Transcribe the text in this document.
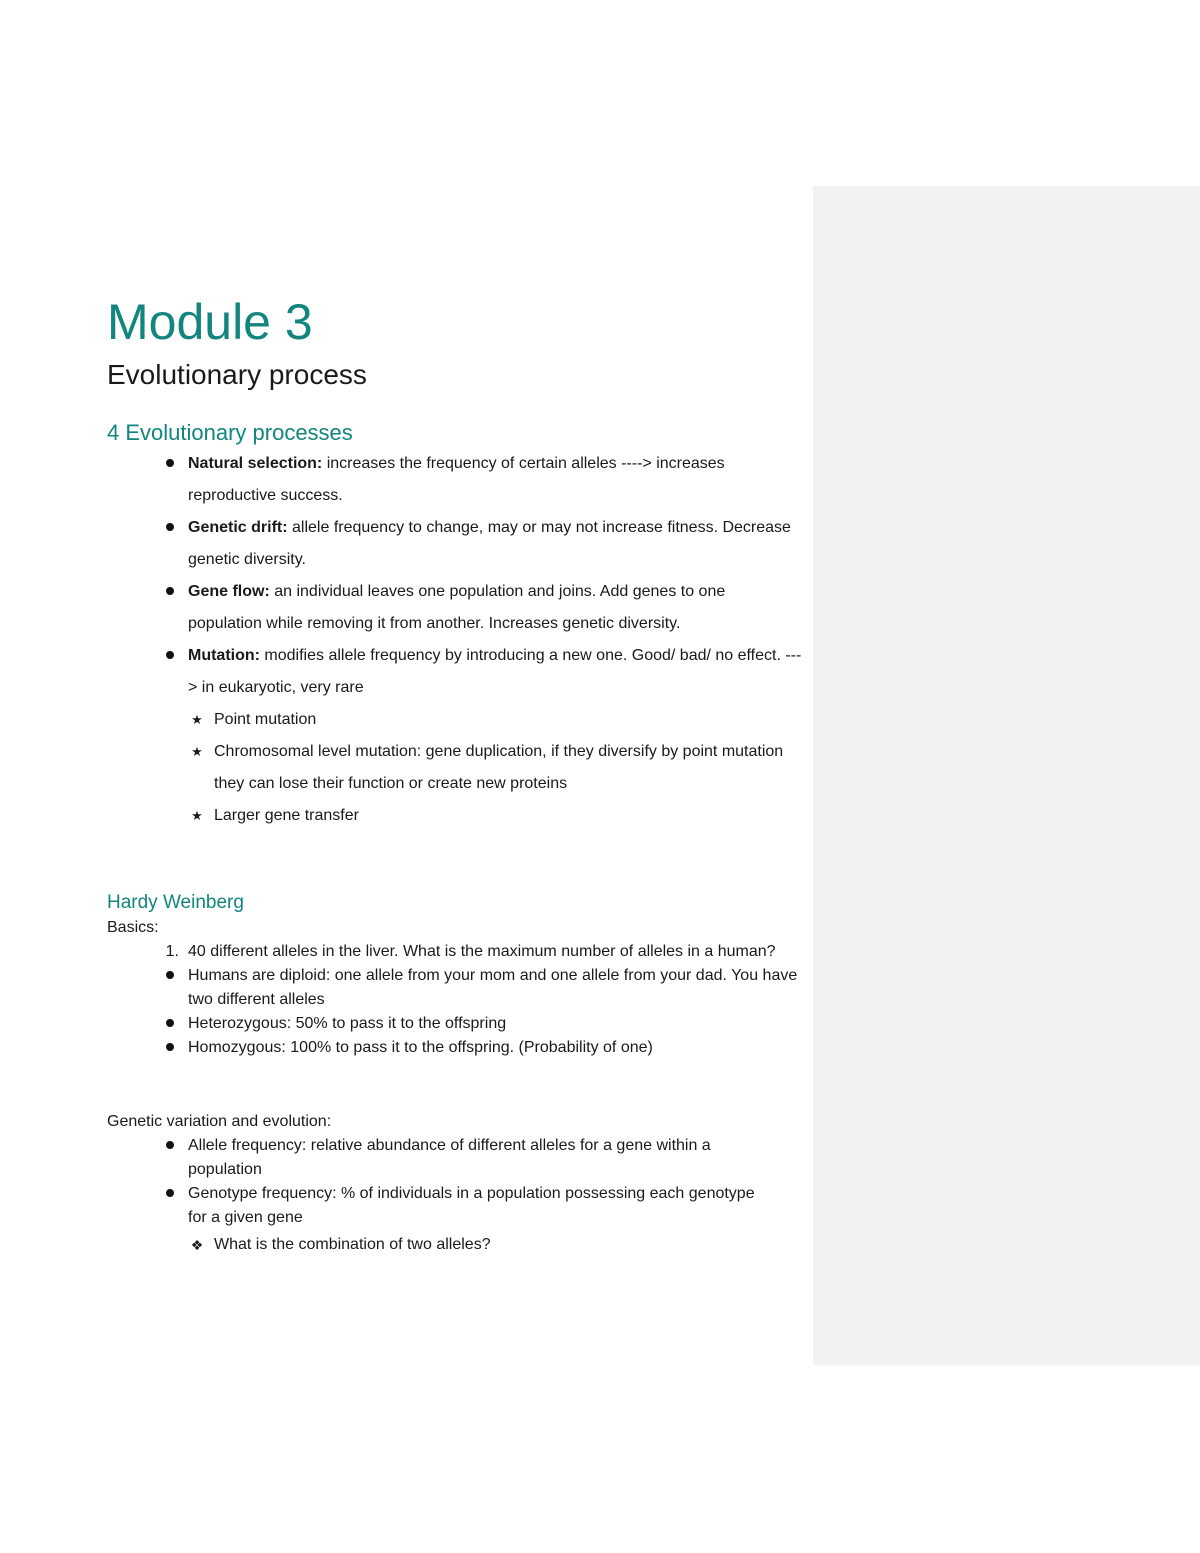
Module 3
Evolutionary process
4 Evolutionary processes
Natural selection: increases the frequency of certain alleles ----> increases reproductive success.
Genetic drift: allele frequency to change, may or may not increase fitness. Decrease genetic diversity.
Gene flow: an individual leaves one population and joins. Add genes to one population while removing it from another. Increases genetic diversity.
Mutation: modifies allele frequency by introducing a new one. Good/ bad/ no effect. ---> in eukaryotic, very rare
★ Point mutation
★ Chromosomal level mutation: gene duplication, if they diversify by point mutation they can lose their function or create new proteins
★ Larger gene transfer
Hardy Weinberg
Basics:
1. 40 different alleles in the liver. What is the maximum number of alleles in a human?
Humans are diploid: one allele from your mom and one allele from your dad. You have two different alleles
Heterozygous: 50% to pass it to the offspring
Homozygous: 100% to pass it to the offspring. (Probability of one)
Genetic variation and evolution:
Allele frequency: relative abundance of different alleles for a gene within a population
Genotype frequency: % of individuals in a population possessing each genotype for a given gene
❖ What is the combination of two alleles?
